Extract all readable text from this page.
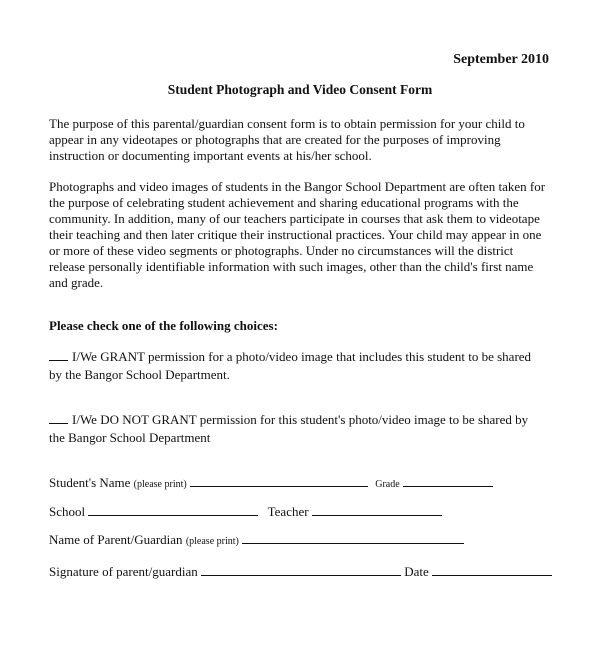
September 2010
Student Photograph and Video Consent Form
The purpose of this parental/guardian consent form is to obtain permission for your child to
appear in any videotapes or photographs that are created for the purposes of improving
instruction or documenting important events at his/her school.
Photographs and video images of students in the Bangor School Department are often taken for
the purpose of celebrating student achievement and sharing educational programs with the
community. In addition, many of our teachers participate in courses that ask them to videotape
their teaching and then later critique their instructional practices. Your child may appear in one
or more of these video segments or photographs. Under no circumstances will the district
release personally identifiable information with such images, other than the child's first name
and grade.
Please check one of the following choices:
I/We GRANT permission for a photo/video image that includes this student to be shared
by the Bangor School Department.
I/We DO NOT GRANT permission for this student's photo/video image to be shared by
the Bangor School Department
Student's Name (please print)	Grade
School	Teacher
Name of Parent/Guardian (please print)
Signature of parent/guardian	Date
